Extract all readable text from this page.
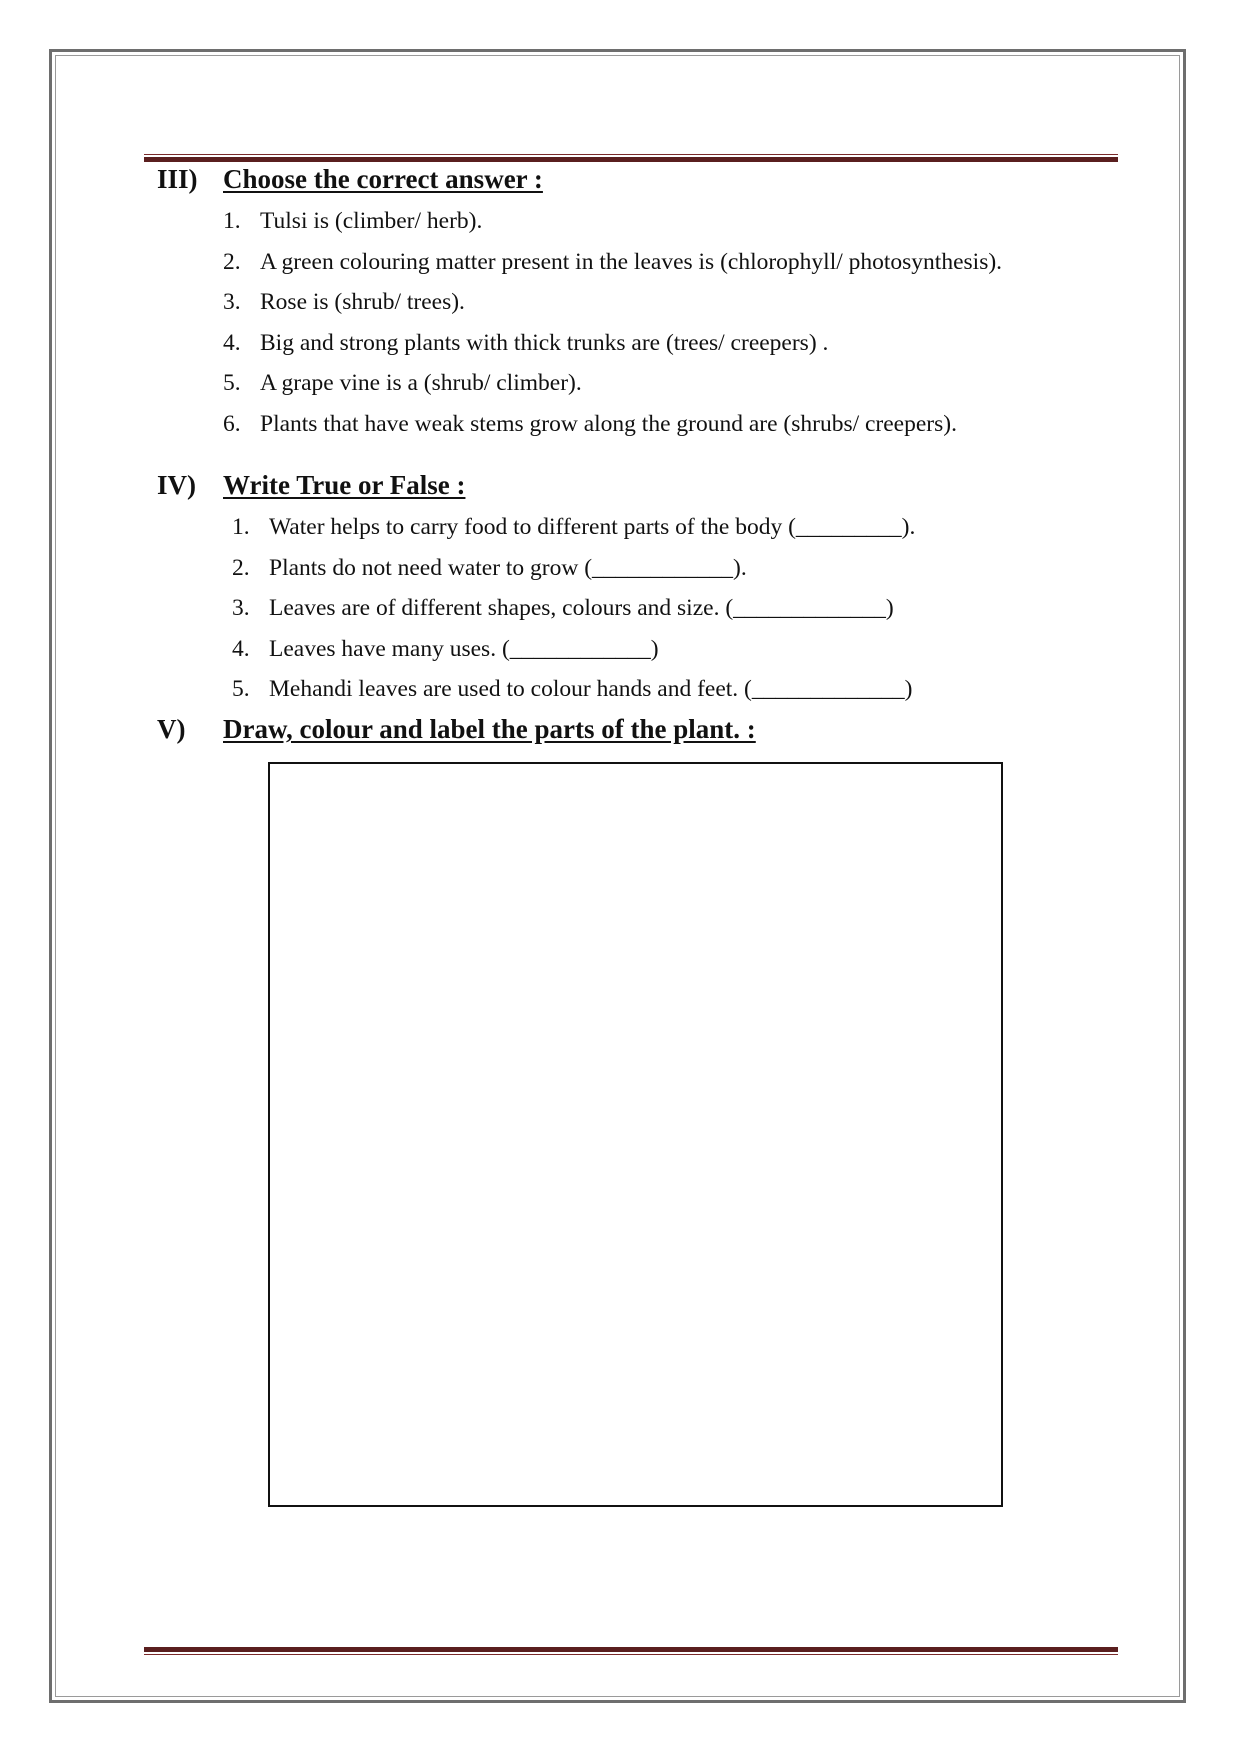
III) Choose the correct answer :
1. Tulsi is (climber/ herb).
2. A green colouring matter present in the leaves is (chlorophyll/ photosynthesis).
3. Rose is (shrub/ trees).
4. Big and strong plants with thick trunks are (trees/ creepers) .
5. A grape vine is a (shrub/ climber).
6. Plants that have weak stems grow along the ground are (shrubs/ creepers).
IV) Write True or False :
1. Water helps to carry food to different parts of the body (_________).
2. Plants do not need water to grow (____________).
3. Leaves are of different shapes, colours and size. (_____________)
4. Leaves have many uses. (____________)
5. Mehandi leaves are used to colour hands and feet. (_____________)
V) Draw, colour and label the parts of the plant. :
